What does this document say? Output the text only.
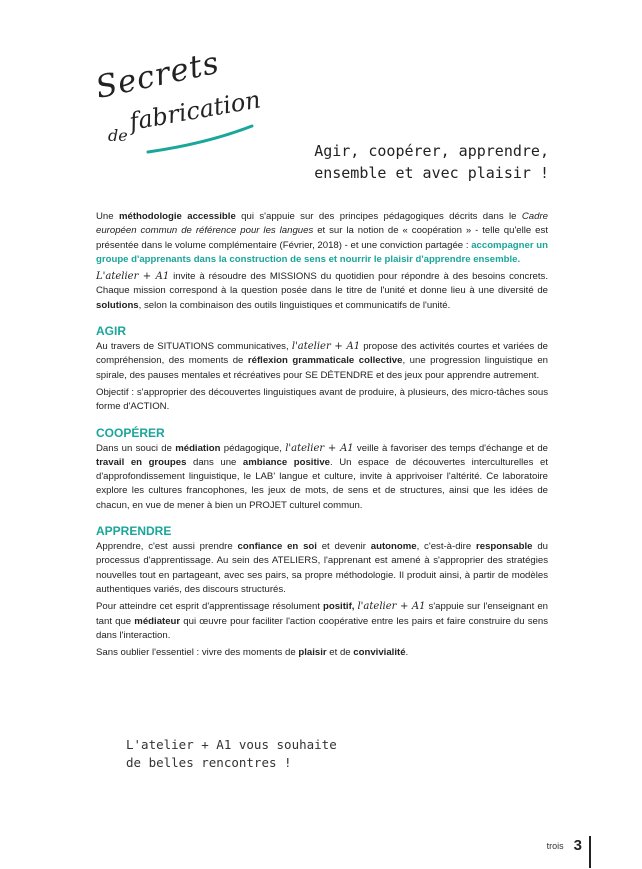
Secrets
de fabrication
Agir, coopérer, apprendre,
ensemble et avec plaisir !

Une méthodologie accessible qui s'appuie sur des principes pédagogiques décrits dans le Cadre européen commun de référence pour les langues et sur la notion de « coopération » - telle qu'elle est présentée dans le volume complémentaire (Février, 2018) - et une conviction partagée : accompagner un groupe d'apprenants dans la construction de sens et nourrir le plaisir d'apprendre ensemble.

L'atelier + A1 invite à résoudre des MISSIONS du quotidien pour répondre à des besoins concrets. Chaque mission correspond à la question posée dans le titre de l'unité et donne lieu à une diversité de solutions, selon la combinaison des outils linguistiques et communicatifs de l'unité.

AGIR

Au travers de SITUATIONS communicatives, l'atelier + A1 propose des activités courtes et variées de compréhension, des moments de réflexion grammaticale collective, une progression linguistique en spirale, des pauses mentales et récréatives pour SE DÉTENDRE et des jeux pour apprendre autrement.

Objectif : s'approprier des découvertes linguistiques avant de produire, à plusieurs, des micro-tâches sous forme d'ACTION.

COOPÉRER

Dans un souci de médiation pédagogique, l'atelier + A1 veille à favoriser des temps d'échange et de travail en groupes dans une ambiance positive. Un espace de découvertes interculturelles et d'approfondissement linguistique, le LAB' langue et culture, invite à apprivoiser l'altérité. Ce laboratoire explore les cultures francophones, les jeux de mots, de sens et de structures, ainsi que les idées de chacun, en vue de mener à bien un PROJET culturel commun.

APPRENDRE

Apprendre, c'est aussi prendre confiance en soi et devenir autonome, c'est-à-dire responsable du processus d'apprentissage. Au sein des ATELIERS, l'apprenant est amené à s'approprier des stratégies nouvelles tout en partageant, avec ses pairs, sa propre méthodologie. Il produit ainsi, à partir de modèles authentiques variés, des discours structurés.

Pour atteindre cet esprit d'apprentissage résolument positif, l'atelier + A1 s'appuie sur l'enseignant en tant que médiateur qui œuvre pour faciliter l'action coopérative entre les pairs et faire construire du sens dans l'interaction.

Sans oublier l'essentiel : vivre des moments de plaisir et de convivialité.

L'atelier + A1 vous souhaite
de belles rencontres !
trois 3
